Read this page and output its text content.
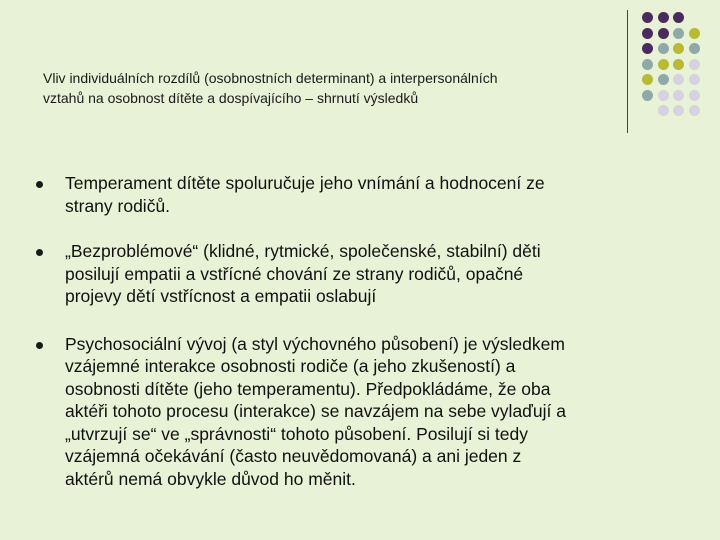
Vliv individuálních rozdílů (osobnostních determinant) a interpersonálních
vztahů na osobnost dítěte a dospívajícího – shrnutí výsledků
Temperament dítěte spoluručuje jeho vnímání a hodnocení ze
strany rodičů.
„Bezproblémové“ (klidné, rytmické, společenské, stabilní) děti
posilují empatii a vstřícné chování ze strany rodičů, opačné
projevy dětí vstřícnost a empatii oslabují
Psychosociální vývoj (a styl výchovného působení) je výsledkem
vzájemné interakce osobnosti rodiče (a jeho zkušeností) a
osobnosti dítěte (jeho temperamentu). Předpokládáme, že oba
aktéři tohoto procesu (interakce) se navzájem na sebe vylaďují a
„utvrzují se“ ve „správnosti“ tohoto působení. Posilují si tedy
vzájemná očekávání (často neuvědomovaná) a ani jeden z
aktérů nemá obvykle důvod ho měnit.
